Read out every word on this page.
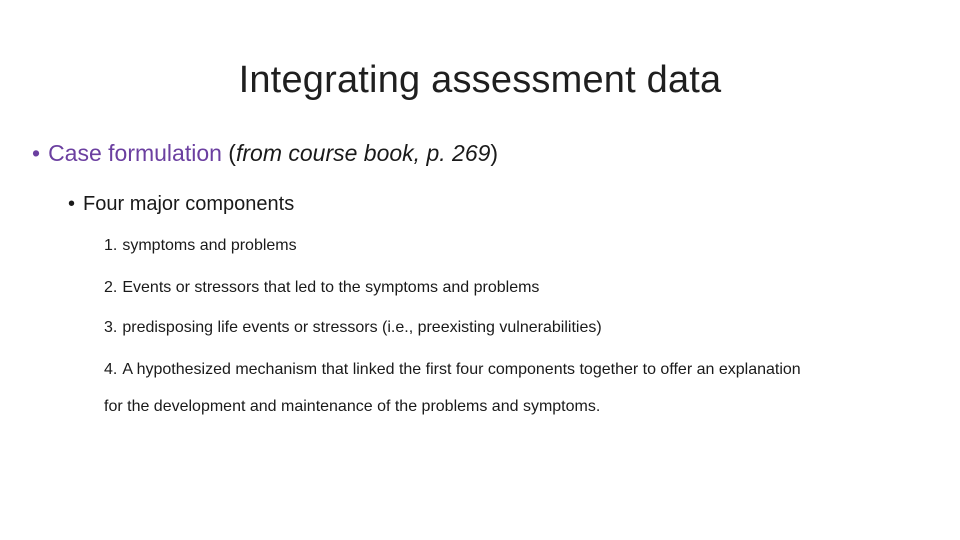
Integrating assessment data
• Case formulation (from course book, p. 269)
• Four major components
1. symptoms and problems
2. Events or stressors that led to the symptoms and problems
3. predisposing life events or stressors (i.e., preexisting vulnerabilities)
4. A hypothesized mechanism that linked the first four components together to offer an explanation
for the development and maintenance of the problems and symptoms.
